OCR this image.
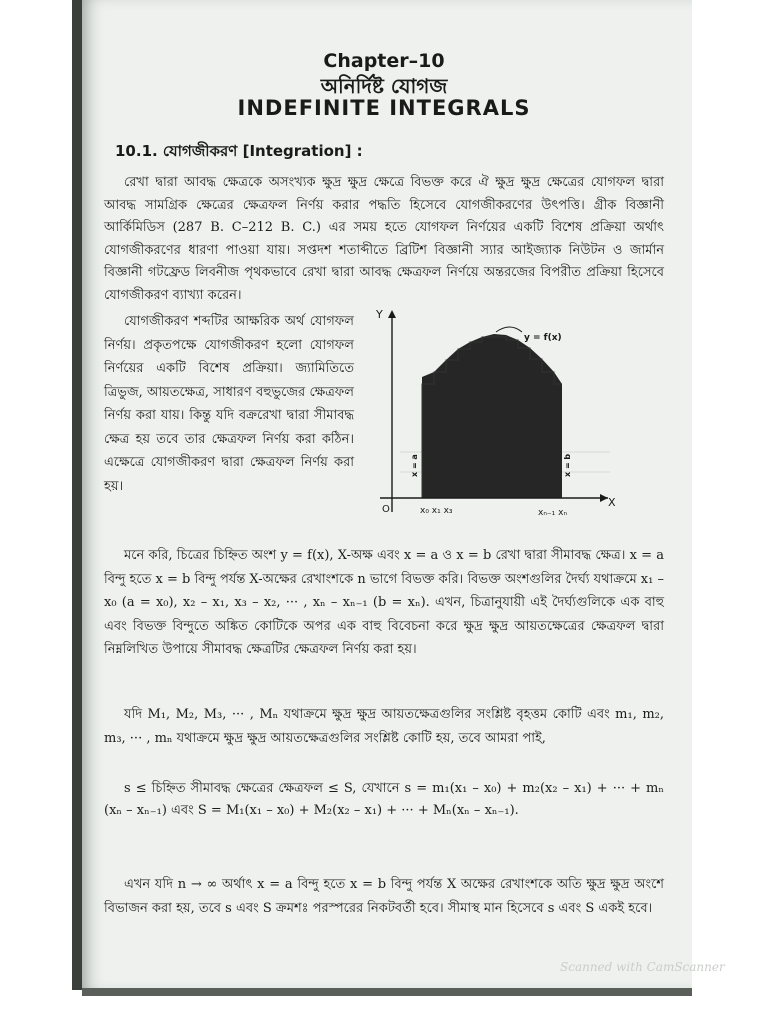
Chapter–10
অনির্দিষ্ট যোগজ
INDEFINITE INTEGRALS
10.1. যোগজীকরণ [Integration] :
রেখা দ্বারা আবদ্ধ ক্ষেত্রকে অসংখ্যক ক্ষুদ্র ক্ষুদ্র ক্ষেত্রে বিভক্ত করে ঐ ক্ষুদ্র ক্ষুদ্র ক্ষেত্রের যোগফল দ্বারা আবদ্ধ সামগ্রিক ক্ষেত্রের ক্ষেত্রফল নির্ণয় করার পদ্ধতি হিসেবে যোগজীকরণের উৎপত্তি। গ্রীক বিজ্ঞানী আর্কিমিডিস (287 B. C–212 B. C.) এর সময় হতে যোগফল নির্ণয়ের একটি বিশেষ প্রক্রিয়া অর্থাৎ যোগজীকরণের ধারণা পাওয়া যায়। সপ্তদশ শতাব্দীতে ব্রিটিশ বিজ্ঞানী স্যার আইজ্যাক নিউটন ও জার্মান বিজ্ঞানী গটফ্রেড লিবনীজ পৃথকভাবে রেখা দ্বারা আবদ্ধ ক্ষেত্রফল নির্ণয়ে অন্তরজের বিপরীত প্রক্রিয়া হিসেবে যোগজীকরণ ব্যাখ্যা করেন।
যোগজীকরণ শব্দটির আক্ষরিক অর্থ যোগফল নির্ণয়। প্রকৃতপক্ষে যোগজীকরণ হলো যোগফল নির্ণয়ের একটি বিশেষ প্রক্রিয়া। জ্যামিতিতে ত্রিভুজ, আয়তক্ষেত্র, সাধারণ বহুভুজের ক্ষেত্রফল নির্ণয় করা যায়। কিন্তু যদি বক্ররেখা দ্বারা সীমাবদ্ধ ক্ষেত্র হয় তবে তার ক্ষেত্রফল নির্ণয় করা কঠিন। এক্ষেত্রে যোগজীকরণ দ্বারা ক্ষেত্রফল নির্ণয় করা হয়।
Y
X
O
y = f(x)
x = a	x = b
x₀ x₁ x₃	xₙ₋₁ xₙ
মনে করি, চিত্রের চিহ্নিত অংশ y = f(x), X-অক্ষ এবং x = a ও x = b রেখা দ্বারা সীমাবদ্ধ ক্ষেত্র। x = a বিন্দু হতে x = b বিন্দু পর্যন্ত X-অক্ষের রেখাংশকে n ভাগে বিভক্ত করি। বিভক্ত অংশগুলির দৈর্ঘ্য যথাক্রমে x₁ – x₀ (a = x₀), x₂ – x₁, x₃ – x₂, ··· , xₙ – xₙ₋₁ (b = xₙ). এখন, চিত্রানুযায়ী এই দৈর্ঘ্যগুলিকে এক বাহু এবং বিভক্ত বিন্দুতে অঙ্কিত কোটিকে অপর এক বাহু বিবেচনা করে ক্ষুদ্র ক্ষুদ্র আয়তক্ষেত্রের ক্ষেত্রফল দ্বারা নিম্নলিখিত উপায়ে সীমাবদ্ধ ক্ষেত্রটির ক্ষেত্রফল নির্ণয় করা হয়।
যদি M₁, M₂, M₃, ··· , Mₙ যথাক্রমে ক্ষুদ্র ক্ষুদ্র আয়তক্ষেত্রগুলির সংশ্লিষ্ট বৃহত্তম কোটি এবং m₁, m₂, m₃, ··· , mₙ যথাক্রমে ক্ষুদ্র ক্ষুদ্র আয়তক্ষেত্রগুলির সংশ্লিষ্ট কোটি হয়, তবে আমরা পাই,
s ≤ চিহ্নিত সীমাবদ্ধ ক্ষেত্রের ক্ষেত্রফল ≤ S, যেখানে s = m₁(x₁ – x₀) + m₂(x₂ – x₁) + ··· + mₙ (xₙ – xₙ₋₁) এবং S = M₁(x₁ – x₀) + M₂(x₂ – x₁) + ··· + Mₙ(xₙ – xₙ₋₁).
এখন যদি n → ∞ অর্থাৎ x = a বিন্দু হতে x = b বিন্দু পর্যন্ত X অক্ষের রেখাংশকে অতি ক্ষুদ্র ক্ষুদ্র অংশে বিভাজন করা হয়, তবে s এবং S ক্রমশঃ পরস্পরের নিকটবর্তী হবে। সীমাস্থ মান হিসেবে s এবং S একই হবে।
Scanned with CamScanner
